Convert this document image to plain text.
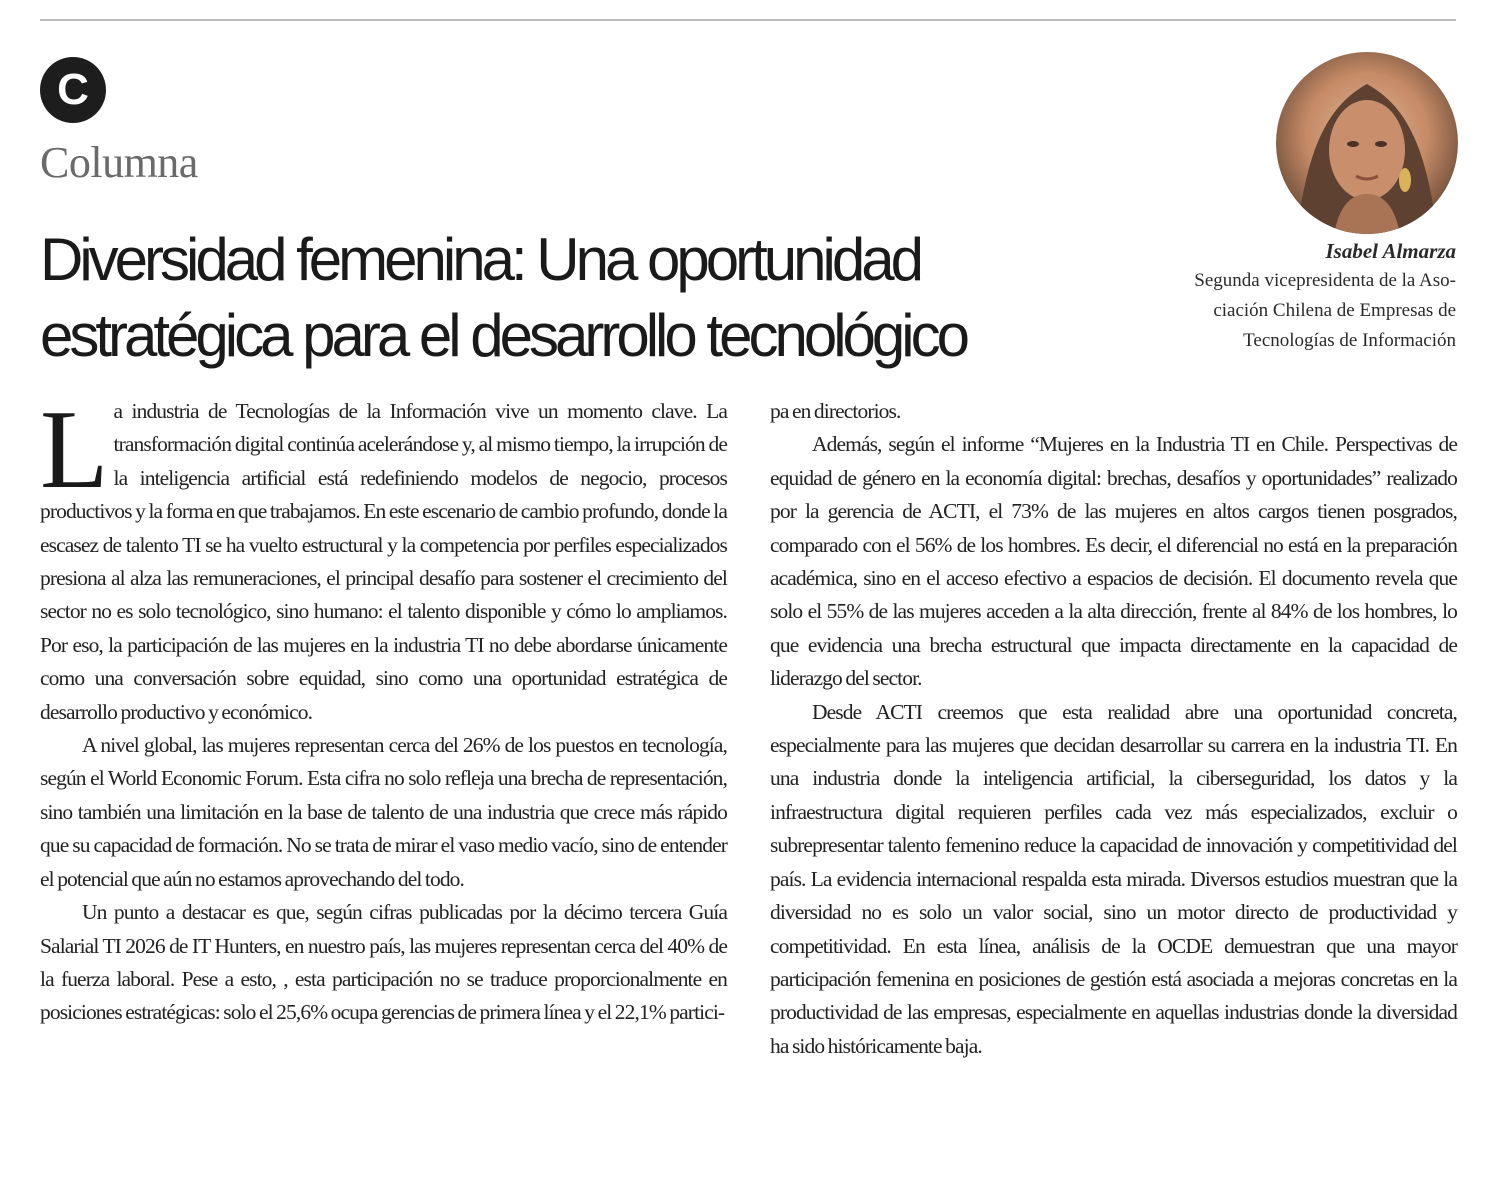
C
Columna
Diversidad femenina: Una oportunidad
estratégica para el desarrollo tecnológico
Isabel Almarza

Segunda vicepresidenta de la Aso-

ciación Chilena de Empresas de

Tecnologías de Información

La industria de Tecnologías de la Información vive un momento clave. La transformación digital continúa acelerándose y, al mismo tiempo, la irrupción de la inteligencia artificial está redefiniendo modelos de negocio, procesos productivos y la forma en que trabajamos. En este escenario de cambio profundo, donde la escasez de talento TI se ha vuelto estructural y la competencia por perfiles especializados presiona al alza las remuneraciones, el principal desafío para sostener el crecimiento del sector no es solo tecnológico, sino humano: el talento disponible y cómo lo ampliamos. Por eso, la participación de las mujeres en la industria TI no debe abordarse únicamente como una conversación sobre equidad, sino como una oportunidad estratégica de desarrollo productivo y económico.

A nivel global, las mujeres representan cerca del 26% de los puestos en tecnología, según el World Economic Forum. Esta cifra no solo refleja una brecha de representación, sino también una limitación en la base de talento de una industria que crece más rápido que su capacidad de formación. No se trata de mirar el vaso medio vacío, sino de entender el potencial que aún no estamos aprovechando del todo.

Un punto a destacar es que, según cifras publicadas por la décimo tercera Guía Salarial TI 2026 de IT Hunters, en nuestro país, las mujeres representan cerca del 40% de la fuerza laboral. Pese a esto, , esta participación no se traduce proporcionalmente en posiciones estratégicas: solo el 25,6% ocupa gerencias de primera línea y el 22,1% partici-

pa en directorios.

Además, según el informe “Mujeres en la Industria TI en Chile. Perspectivas de equidad de género en la economía digital: brechas, desafíos y oportunidades” realizado por la gerencia de ACTI, el 73% de las mujeres en altos cargos tienen posgrados, comparado con el 56% de los hombres. Es decir, el diferencial no está en la preparación académica, sino en el acceso efectivo a espacios de decisión. El documento revela que solo el 55% de las mujeres acceden a la alta dirección, frente al 84% de los hombres, lo que evidencia una brecha estructural que impacta directamente en la capacidad de liderazgo del sector.

Desde ACTI creemos que esta realidad abre una oportunidad concreta, especialmente para las mujeres que decidan desarrollar su carrera en la industria TI. En una industria donde la inteligencia artificial, la ciberseguridad, los datos y la infraestructura digital requieren perfiles cada vez más especializados, excluir o subrepresentar talento femenino reduce la capacidad de innovación y competitividad del país. La evidencia internacional respalda esta mirada. Diversos estudios muestran que la diversidad no es solo un valor social, sino un motor directo de productividad y competitividad. En esta línea, análisis de la OCDE demuestran que una mayor participación femenina en posiciones de gestión está asociada a mejoras concretas en la productividad de las empresas, especialmente en aquellas industrias donde la diversidad ha sido históricamente baja.
